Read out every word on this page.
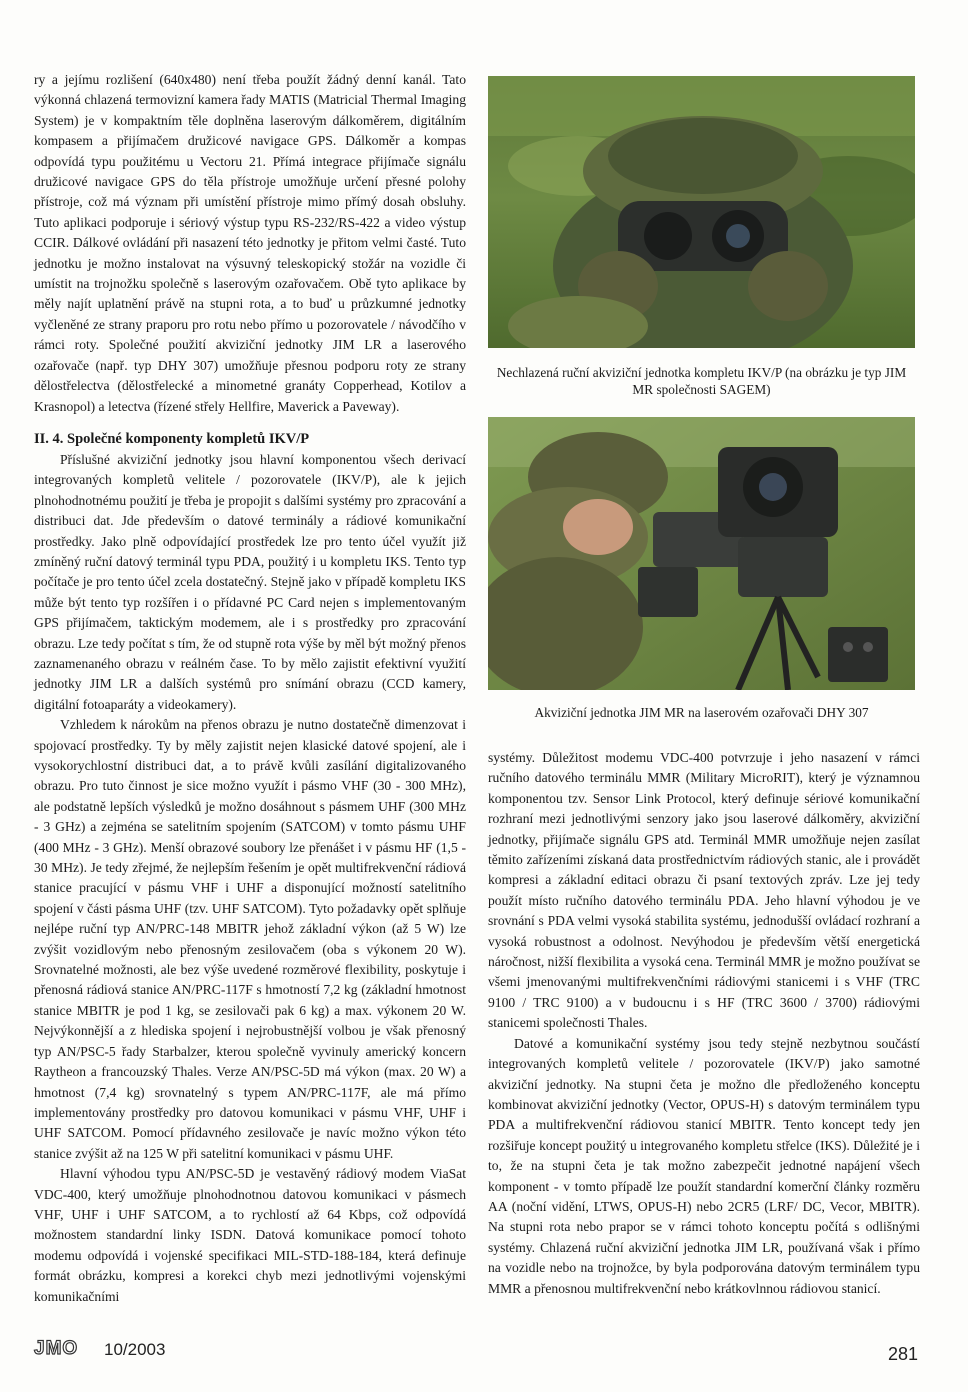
ry a jejímu rozlišení (640x480) není třeba použít žádný denní kanál. Tato výkonná chlazená termovizní kamera řady MATIS (Matricial Thermal Imaging System) je v kompaktním těle doplněna laserovým dálkoměrem, digitálním kompasem a přijímačem družicové navigace GPS. Dálkoměr a kompas odpovídá typu použitému u Vectoru 21. Přímá integrace přijímače signálu družicové navigace GPS do těla přístroje umožňuje určení přesné polohy přístroje, což má význam při umístění přístroje mimo přímý dosah obsluhy. Tuto aplikaci podporuje i sériový výstup typu RS-232/RS-422 a video výstup CCIR. Dálkové ovládání při nasazení této jednotky je přitom velmi časté. Tuto jednotku je možno instalovat na výsuvný teleskopický stožár na vozidle či umístit na trojnožku společně s laserovým ozařovačem. Obě tyto aplikace by měly najít uplatnění právě na stupni rota, a to buď u průzkumné jednotky vyčleněné ze strany praporu pro rotu nebo přímo u pozorovatele / návodčího v rámci roty. Společné použití akviziční jednotky JIM LR a laserového ozařovače (např. typ DHY 307) umožňuje přesnou podporu roty ze strany dělostřelectva (dělostřelecké a minometné granáty Copperhead, Kotilov a Krasnopol) a letectva (řízené střely Hellfire, Maverick a Paveway).

II. 4. Společné komponenty kompletů IKV/P

Příslušné akviziční jednotky jsou hlavní komponentou všech derivací integrovaných kompletů velitele / pozorovatele (IKV/P), ale k jejich plnohodnotnému použití je třeba je propojit s dalšími systémy pro zpracování a distribuci dat. Jde především o datové terminály a rádiové komunikační prostředky. Jako plně odpovídající prostředek lze pro tento účel využít již zmíněný ruční datový terminál typu PDA, použitý i u kompletu IKS. Tento typ počítače je pro tento účel zcela dostatečný. Stejně jako v případě kompletu IKS může být tento typ rozšířen i o přídavné PC Card nejen s implementovaným GPS přijímačem, taktickým modemem, ale i s prostředky pro zpracování obrazu. Lze tedy počítat s tím, že od stupně rota výše by měl být možný přenos zaznamenaného obrazu v reálném čase. To by mělo zajistit efektivní využití jednotky JIM LR a dalších systémů pro snímání obrazu (CCD kamery, digitální fotoaparáty a videokamery).

Vzhledem k nárokům na přenos obrazu je nutno dostatečně dimenzovat i spojovací prostředky. Ty by měly zajistit nejen klasické datové spojení, ale i vysokorychlostní distribuci dat, a to právě kvůli zasílání digitalizovaného obrazu. Pro tuto činnost je sice možno využít i pásmo VHF (30 - 300 MHz), ale podstatně lepších výsledků je možno dosáhnout s pásmem UHF (300 MHz - 3 GHz) a zejména se satelitním spojením (SATCOM) v tomto pásmu UHF (400 MHz - 3 GHz). Menší obrazové soubory lze přenášet i v pásmu HF (1,5 - 30 MHz). Je tedy zřejmé, že nejlepším řešením je opět multifrekvenční rádiová stanice pracující v pásmu VHF i UHF a disponující možností satelitního spojení v části pásma UHF (tzv. UHF SATCOM). Tyto požadavky opět splňuje nejlépe ruční typ AN/PRC-148 MBITR jehož základní výkon (až 5 W) lze zvýšit vozidlovým nebo přenosným zesilovačem (oba s výkonem 20 W). Srovnatelné možnosti, ale bez výše uvedené rozměrové flexibility, poskytuje i přenosná rádiová stanice AN/PRC-117F s hmotností 7,2 kg (základní hmotnost stanice MBITR je pod 1 kg, se zesilovači pak 6 kg) a max. výkonem 20 W. Nejvýkonnější a z hlediska spojení i nejrobustnější volbou je však přenosný typ AN/PSC-5 řady Starbalzer, kterou společně vyvinuly americký koncern Raytheon a francouzský Thales. Verze AN/PSC-5D má výkon (max. 20 W) a hmotnost (7,4 kg) srovnatelný s typem AN/PRC-117F, ale má přímo implementovány prostředky pro datovou komunikaci v pásmu VHF, UHF i UHF SATCOM. Pomocí přídavného zesilovače je navíc možno výkon této stanice zvýšit až na 125 W při satelitní komunikaci v pásmu UHF.

Hlavní výhodou typu AN/PSC-5D je vestavěný rádiový modem ViaSat VDC-400, který umožňuje plnohodnotnou datovou komunikaci v pásmech VHF, UHF i UHF SATCOM, a to rychlostí až 64 Kbps, což odpovídá možnostem standardní linky ISDN. Datová komunikace pomocí tohoto modemu odpovídá i vojenské specifikaci MIL-STD-188-184, která definuje formát obrázku, kompresi a korekci chyb mezi jednotlivými vojenskými komunikačními

Nechlazená ruční akviziční jednotka kompletu IKV/P (na obrázku je typ JIM MR společnosti SAGEM)
Akviziční jednotka JIM MR na laserovém ozařovači DHY 307

systémy. Důležitost modemu VDC-400 potvrzuje i jeho nasazení v rámci ručního datového terminálu MMR (Military MicroRIT), který je významnou komponentou tzv. Sensor Link Protocol, který definuje sériové komunikační rozhraní mezi jednotlivými senzory jako jsou laserové dálkoměry, akviziční jednotky, přijímače signálu GPS atd. Terminál MMR umožňuje nejen zasílat těmito zařízeními získaná data prostřednictvím rádiových stanic, ale i provádět kompresi a základní editaci obrazu či psaní textových zpráv. Lze jej tedy použít místo ručního datového terminálu PDA. Jeho hlavní výhodou je ve srovnání s PDA velmi vysoká stabilita systému, jednodušší ovládací rozhraní a vysoká robustnost a odolnost. Nevýhodou je především větší energetická náročnost, nižší flexibilita a vysoká cena. Terminál MMR je možno používat se všemi jmenovanými multifrekvenčními rádiovými stanicemi i s VHF (TRC 9100 / TRC 9100) a v budoucnu i s HF (TRC 3600 / 3700) rádiovými stanicemi společnosti Thales.

Datové a komunikační systémy jsou tedy stejně nezbytnou součástí integrovaných kompletů velitele / pozorovatele (IKV/P) jako samotné akviziční jednotky. Na stupni četa je možno dle předloženého konceptu kombinovat akviziční jednotky (Vector, OPUS-H) s datovým terminálem typu PDA a multifrekvenční rádiovou stanicí MBITR. Tento koncept tedy jen rozšiřuje koncept použitý u integrovaného kompletu střelce (IKS). Důležité je i to, že na stupni četa je tak možno zabezpečit jednotné napájení všech komponent - v tomto případě lze použít standardní komerční články rozměru AA (noční vidění, LTWS, OPUS-H) nebo 2CR5 (LRF/ DC, Vecor, MBITR). Na stupni rota nebo prapor se v rámci tohoto konceptu počítá s odlišnými systémy. Chlazená ruční akviziční jednotka JIM LR, používaná však i přímo na vozidle nebo na trojnožce, by byla podporována datovým terminálem typu MMR a přenosnou multifrekvenční nebo krátkovlnnou rádiovou stanicí.

JMO 10/2003	281
